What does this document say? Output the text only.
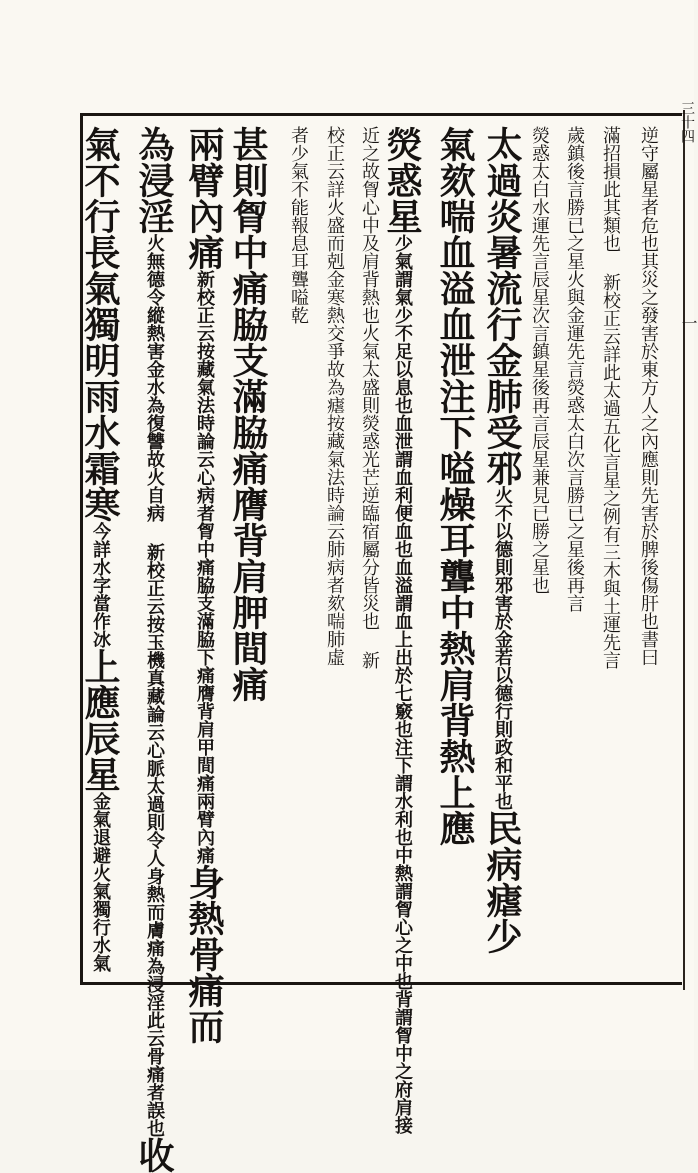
一
三十四
逆守屬星者危也其災之發害於東方人之內應則先害於脾後傷肝也書曰
滿招損此其類也 新校正云詳此太過五化言星之例有三木與土運先言
歲鎮後言勝已之星火與金運先言熒惑太白次言勝已之星後再言
熒惑太白水運先言辰星次言鎮星後再言辰星兼見已勝之星也
太過炎暑流行金肺受邪火不以德則邪害於金若以德行則政和平也民病瘧少
氣欬喘血溢血泄注下嗌燥耳聾中熱肩背熱上應
熒惑星少氣謂氣少不足以息也血泄謂血利便血也血溢謂血上出於七竅也注下謂水利也中熱謂胷心之中也背謂胷中之府肩接
近之故胷心中及肩背熱也火氣太盛則熒惑光芒逆臨宿屬分皆災也 新
校正云詳火盛而剋金寒熱交爭故為瘧按藏氣法時論云肺病者欬喘肺虛
者少氣不能報息耳聾嗌乾
甚則胷中痛脇支滿脇痛膺背肩胛間痛
兩臂內痛新校正云按藏氣法時論云心病者胷中痛脇支滿脇下痛膺背肩甲間痛兩臂內痛身熱骨痛而
為浸淫火無德令縱熱害金水為復讐故火自病 新校正云按玉機真藏論云心脈太過則令人身熱而膚痛為浸淫此云骨痛者誤也收
氣不行長氣獨明雨水霜寒今詳水字當作冰上應辰星金氣退避火氣獨行水氣
